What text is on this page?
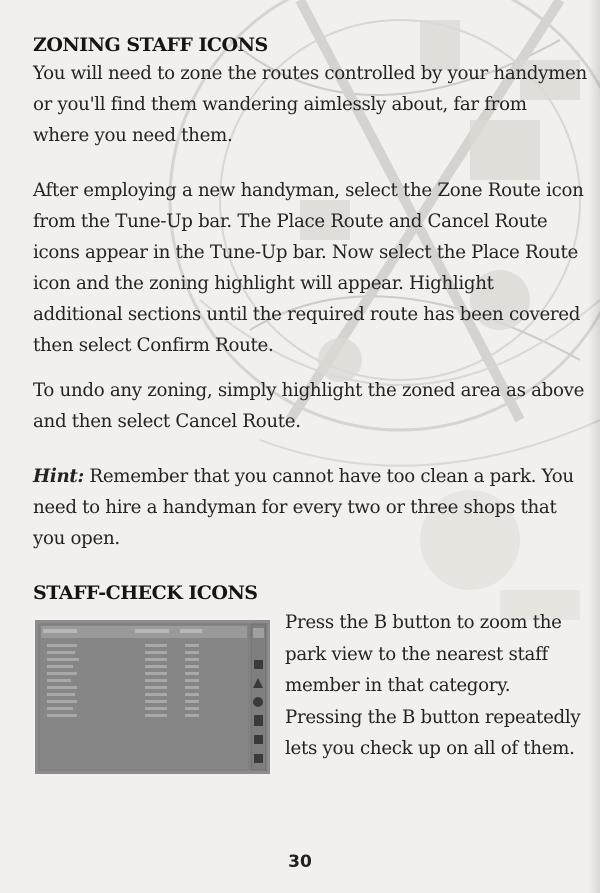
ZONING STAFF ICONS

You will need to zone the routes controlled by your handymen or you'll find them wandering aimlessly about, far from where you need them.

After employing a new handyman, select the Zone Route icon from the Tune-Up bar. The Place Route and Cancel Route icons appear in the Tune-Up bar. Now select the Place Route icon and the zoning highlight will appear. Highlight additional sections until the required route has been covered then select Confirm Route.

To undo any zoning, simply highlight the zoned area as above and then select Cancel Route.

Hint: Remember that you cannot have too clean a park. You need to hire a handyman for every two or three shops that you open.

STAFF-CHECK ICONS

Press the B button to zoom the park view to the nearest staff member in that category. Pressing the B button repeatedly lets you check up on all of them.

30
